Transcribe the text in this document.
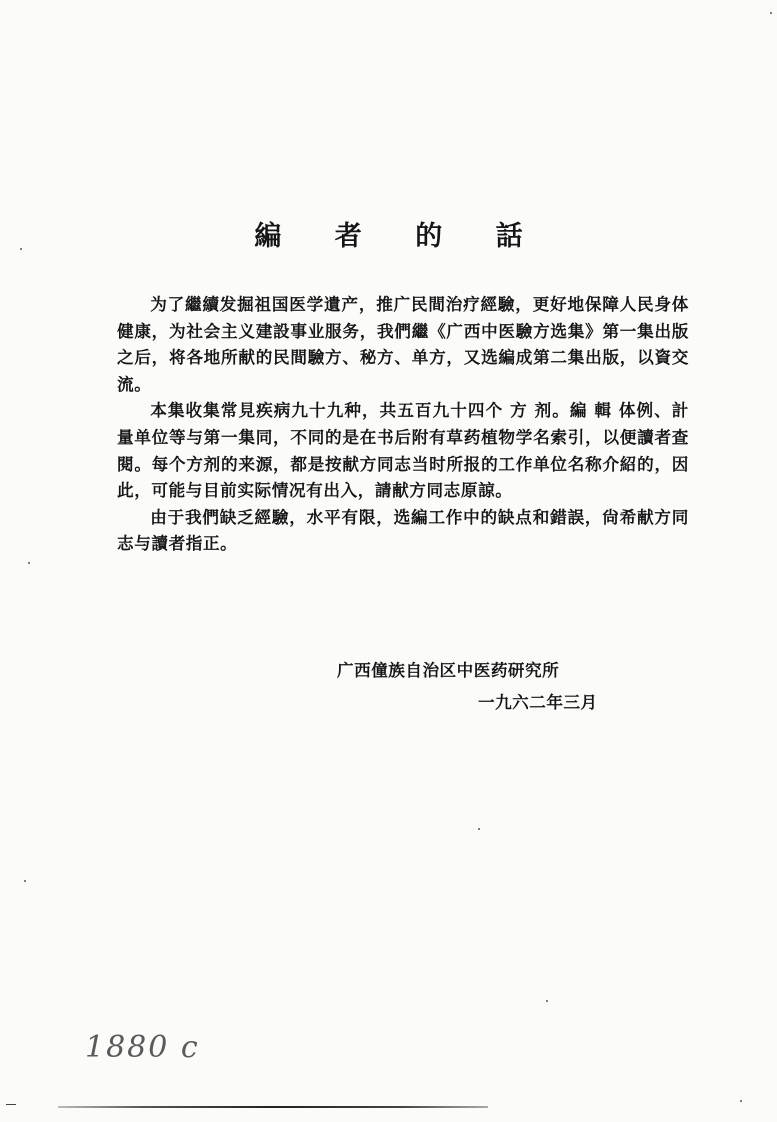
編 者 的 話

为了繼續发掘祖国医学遺产，推广民間治疗經驗，更好地保障人民身体健康，为社会主义建設事业服务，我們繼《广西中医驗方选集》第一集出版之后，将各地所献的民間驗方、秘方、单方，又选編成第二集出版，以資交流。

本集收集常見疾病九十九种，共五百九十四个 方 剂。編 輯 体例、計量单位等与第一集同，不同的是在书后附有草药植物学名索引，以便讀者查閱。每个方剂的来源，都是按献方同志当时所报的工作单位名称介紹的，因此，可能与目前实际情况有出入，請献方同志原諒。

由于我們缺乏經驗，水平有限，选編工作中的缺点和錯誤，尙希献方同志与讀者指正。

广西僮族自治区中医药研究所
一九六二年三月
1880 c
